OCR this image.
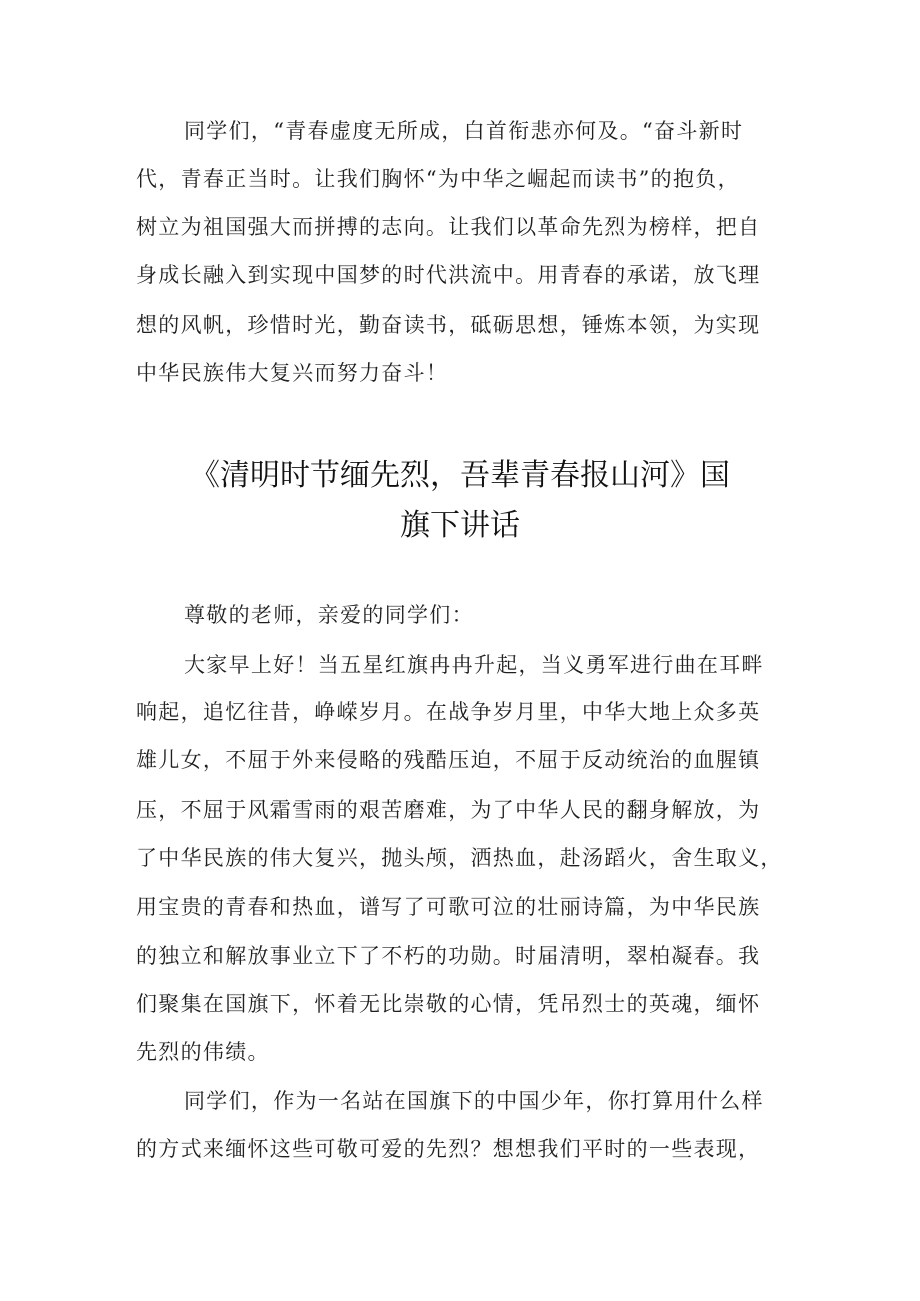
同学们，“青春虚度无所成，白首衔悲亦何及。“奋斗新时
代，青春正当时。让我们胸怀“为中华之崛起而读书”的抱负，
树立为祖国强大而拼搏的志向。让我们以革命先烈为榜样，把自
身成长融入到实现中国梦的时代洪流中。用青春的承诺，放飞理
想的风帆，珍惜时光，勤奋读书，砥砺思想，锤炼本领，为实现
中华民族伟大复兴而努力奋斗！
《清明时节缅先烈，吾辈青春报山河》国
旗下讲话
尊敬的老师，亲爱的同学们：
大家早上好！当五星红旗冉冉升起，当义勇军进行曲在耳畔
响起，追忆往昔，峥嵘岁月。在战争岁月里，中华大地上众多英
雄儿女，不屈于外来侵略的残酷压迫，不屈于反动统治的血腥镇
压，不屈于风霜雪雨的艰苦磨难，为了中华人民的翻身解放，为
了中华民族的伟大复兴，抛头颅，洒热血，赴汤蹈火，舍生取义，
用宝贵的青春和热血，谱写了可歌可泣的壮丽诗篇，为中华民族
的独立和解放事业立下了不朽的功勋。时届清明，翠柏凝春。我
们聚集在国旗下，怀着无比崇敬的心情，凭吊烈士的英魂，缅怀
先烈的伟绩。
同学们，作为一名站在国旗下的中国少年，你打算用什么样
的方式来缅怀这些可敬可爱的先烈？想想我们平时的一些表现，
